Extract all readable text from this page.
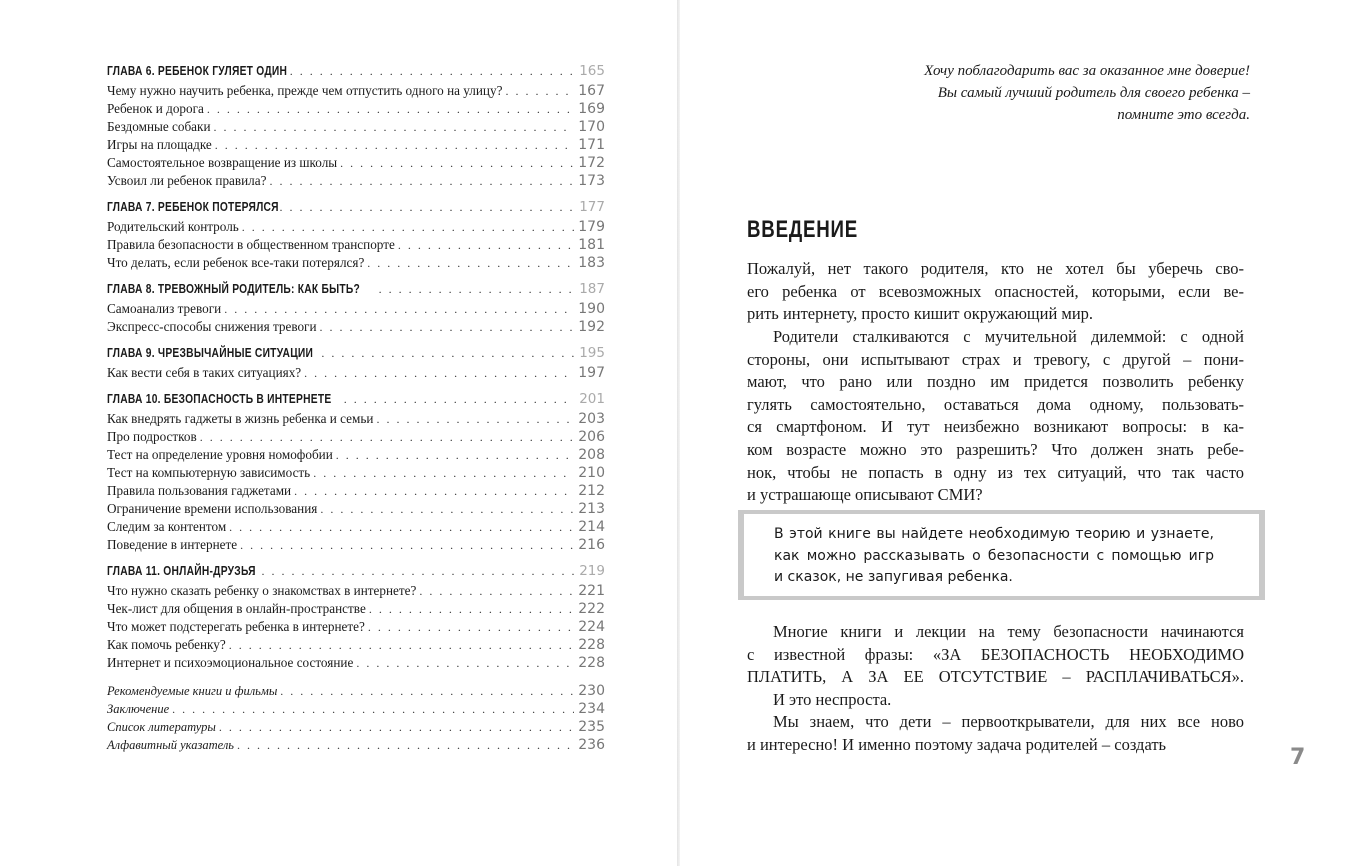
ГЛАВА 6. РЕБЕНОК ГУЛЯЕТ ОДИН . . .	165
Чему нужно научить ребенка, прежде чем отпустить одного на улицу? . . .	167
Ребенок и дорога . . .	169
Бездомные собаки . . .	170
Игры на площадке . . .	171
Самостоятельное возвращение из школы . . .	172
Усвоил ли ребенок правила? . . .	173
ГЛАВА 7. РЕБЕНОК ПОТЕРЯЛСЯ . . .	177
Родительский контроль . . .	179
Правила безопасности в общественном транспорте . . .	181
Что делать, если ребенок все-таки потерялся? . . .	183
ГЛАВА 8. ТРЕВОЖНЫЙ РОДИТЕЛЬ: КАК БЫТЬ? . . .	187
Самоанализ тревоги . . .	190
Экспресс-способы снижения тревоги . . .	192
ГЛАВА 9. ЧРЕЗВЫЧАЙНЫЕ СИТУАЦИИ . . .	195
Как вести себя в таких ситуациях? . . .	197
ГЛАВА 10. БЕЗОПАСНОСТЬ В ИНТЕРНЕТЕ . . .	201
Как внедрять гаджеты в жизнь ребенка и семьи . . .	203
Про подростков . . .	206
Тест на определение уровня номофобии . . .	208
Тест на компьютерную зависимость . . .	210
Правила пользования гаджетами . . .	212
Ограничение времени использования . . .	213
Следим за контентом . . .	214
Поведение в интернете . . .	216
ГЛАВА 11. ОНЛАЙН-ДРУЗЬЯ . . .	219
Что нужно сказать ребенку о знакомствах в интернете? . . .	221
Чек-лист для общения в онлайн-пространстве . . .	222
Что может подстерегать ребенка в интернете? . . .	224
Как помочь ребенку? . . .	228
Интернет и психоэмоциональное состояние . . .	228
Рекомендуемые книги и фильмы . . .	230
Заключение . . .	234
Список литературы . . .	235
Алфавитный указатель . . .	236
Хочу поблагодарить вас за оказанное мне доверие!
Вы самый лучший родитель для своего ребенка –
помните это всегда.
ВВЕДЕНИЕ
Пожалуй, нет такого родителя, кто не хотел бы уберечь сво-
его ребенка от всевозможных опасностей, которыми, если ве-
рить интернету, просто кишит окружающий мир.
Родители сталкиваются с мучительной дилеммой: с одной
стороны, они испытывают страх и тревогу, с другой – пони-
мают, что рано или поздно им придется позволить ребенку
гулять самостоятельно, оставаться дома одному, пользовать-
ся смартфоном. И тут неизбежно возникают вопросы: в ка-
ком возрасте можно это разрешить? Что должен знать ребе-
нок, чтобы не попасть в одну из тех ситуаций, что так часто
и устрашающе описывают СМИ?
В этой книге вы найдете необходимую теорию и узнаете,
как можно рассказывать о безопасности с помощью игр
и сказок, не запугивая ребенка.
Многие книги и лекции на тему безопасности начинаются
с известной фразы: «ЗА БЕЗОПАСНОСТЬ НЕОБХОДИМО
ПЛАТИТЬ, А ЗА ЕЕ ОТСУТСТВИЕ – РАСПЛАЧИВАТЬСЯ».
И это неспроста.
Мы знаем, что дети – первооткрыватели, для них все ново
и интересно! И именно поэтому задача родителей – создать
7
